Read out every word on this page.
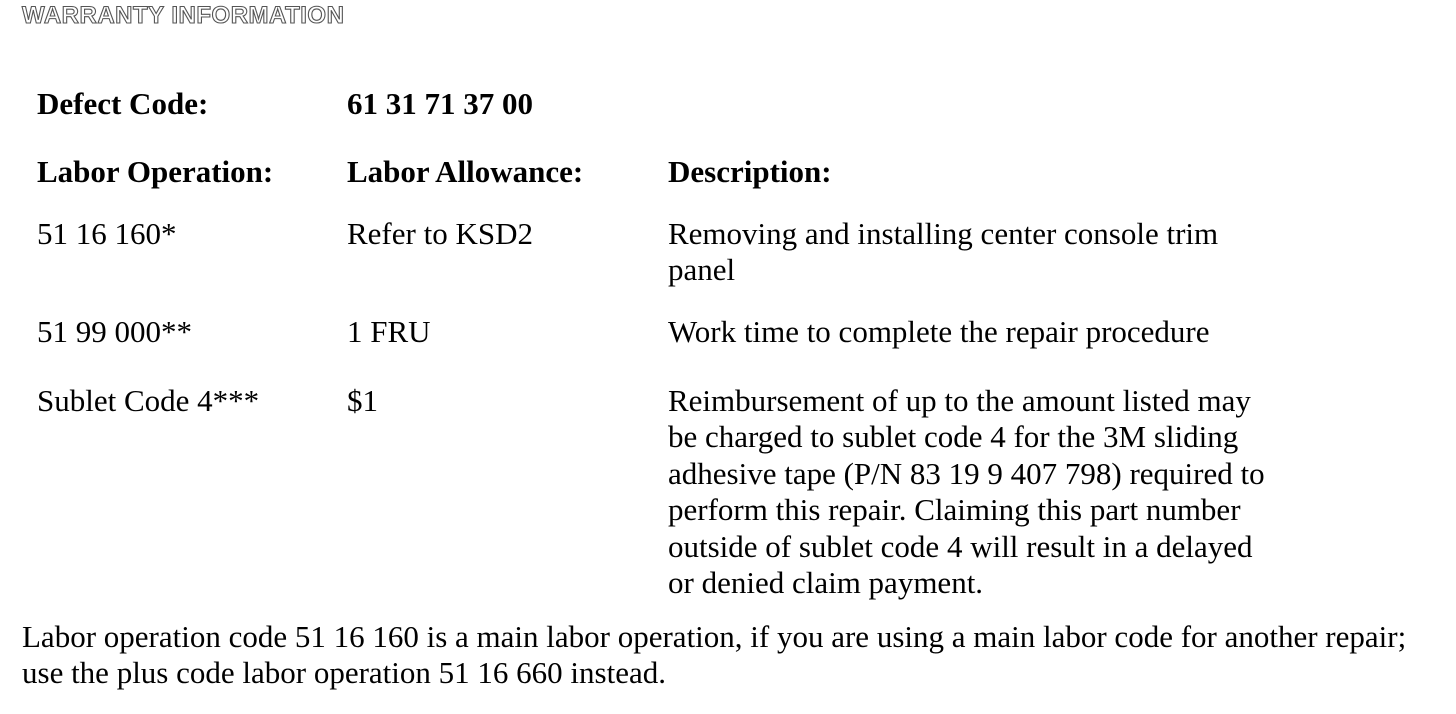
WARRANTY INFORMATION
Defect Code:	61 31 71 37 00
Labor Operation: Labor Allowance:	Description:
51 16 160*	Refer to KSD2	Removing and installing center console trim panel
51 99 000**	1 FRU	Work time to complete the repair procedure
Sublet Code 4***	$1	Reimbursement of up to the amount listed may be charged to sublet code 4 for the 3M sliding adhesive tape (P/N 83 19 9 407 798) required to perform this repair. Claiming this part number outside of sublet code 4 will result in a delayed or denied claim payment.
Labor operation code 51 16 160 is a main labor operation, if you are using a main labor code for another repair; use the plus code labor operation 51 16 660 instead.
